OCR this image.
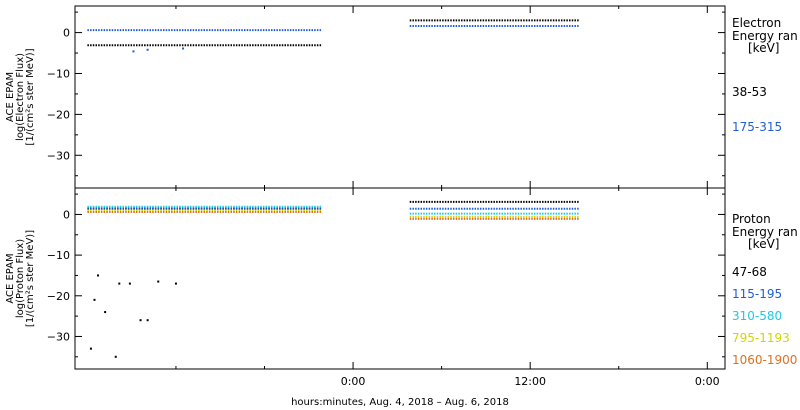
0
−10
−20
−30
ACE EPAMlog(Electron Flux)[1/(cm²s ster MeV)]
Electron
Energy ran
[keV]
38-53
175-315
0
−10
−20
−30
ACE EPAMlog(Proton Flux)[1/(cm²s ster MeV)]
Proton
Energy ran
[keV]
47-68
115-195
310-580
795-1193
1060-1900
0:00	12:00	0:00
hours:minutes, Aug. 4, 2018 – Aug. 6, 2018
